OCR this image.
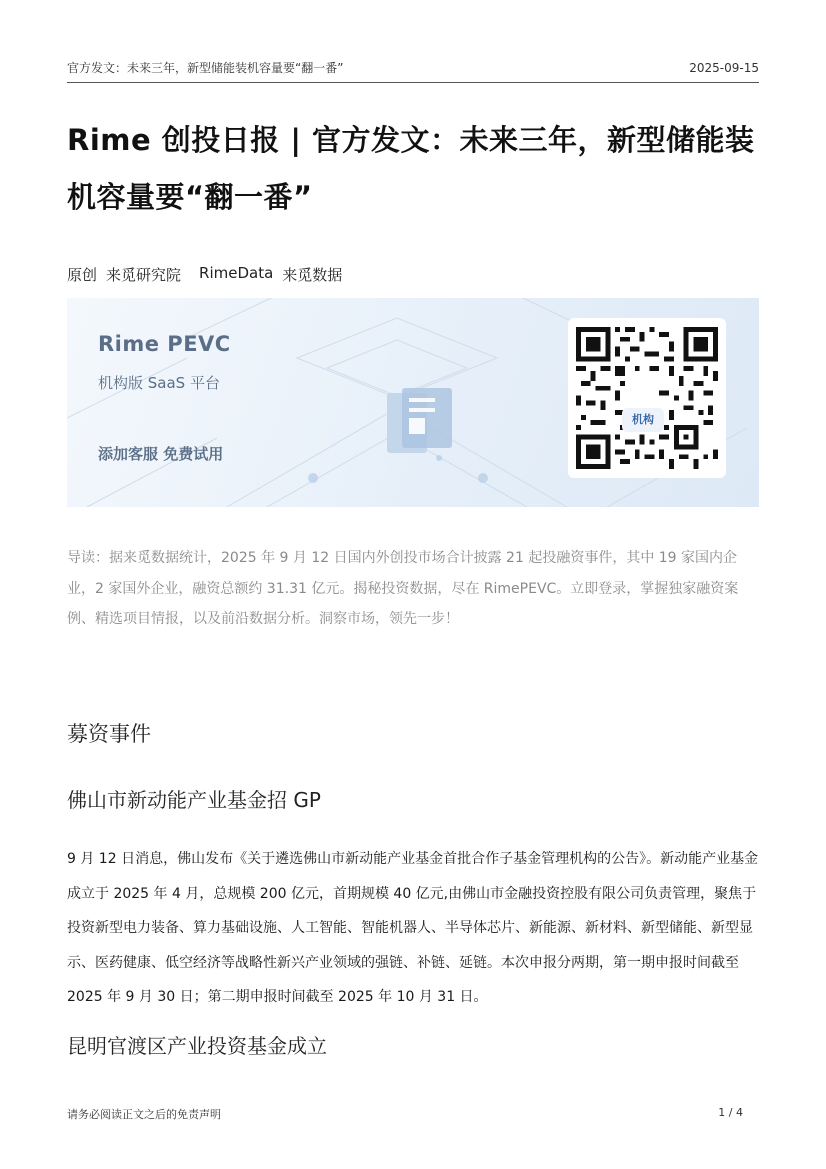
官方发文：未来三年，新型储能装机容量要“翻一番”	2025-09-15
Rime 创投日报 | 官方发文：未来三年，新型储能装机容量要“翻一番”
原创 来觅研究院 RimeData 来觅数据
Rime PEVC
机构版 SaaS 平台
添加客服 免费试用
机构

导读：据来觅数据统计，2025 年 9 月 12 日国内外创投市场合计披露 21 起投融资事件，其中 19 家国内企业，2 家国外企业，融资总额约 31.31 亿元。揭秘投资数据，尽在 RimePEVC。立即登录，掌握独家融资案例、精选项目情报，以及前沿数据分析。洞察市场，领先一步！

募资事件
佛山市新动能产业基金招 GP

9 月 12 日消息，佛山发布《关于遴选佛山市新动能产业基金首批合作子基金管理机构的公告》。新动能产业基金成立于 2025 年 4 月，总规模 200 亿元，首期规模 40 亿元,由佛山市金融投资控股有限公司负责管理，聚焦于投资新型电力装备、算力基础设施、人工智能、智能机器人、半导体芯片、新能源、新材料、新型储能、新型显示、医药健康、低空经济等战略性新兴产业领域的强链、补链、延链。本次申报分两期，第一期申报时间截至 2025 年 9 月 30 日；第二期申报时间截至 2025 年 10 月 31 日。

昆明官渡区产业投资基金成立
请务必阅读正文之后的免责声明	1 / 4
